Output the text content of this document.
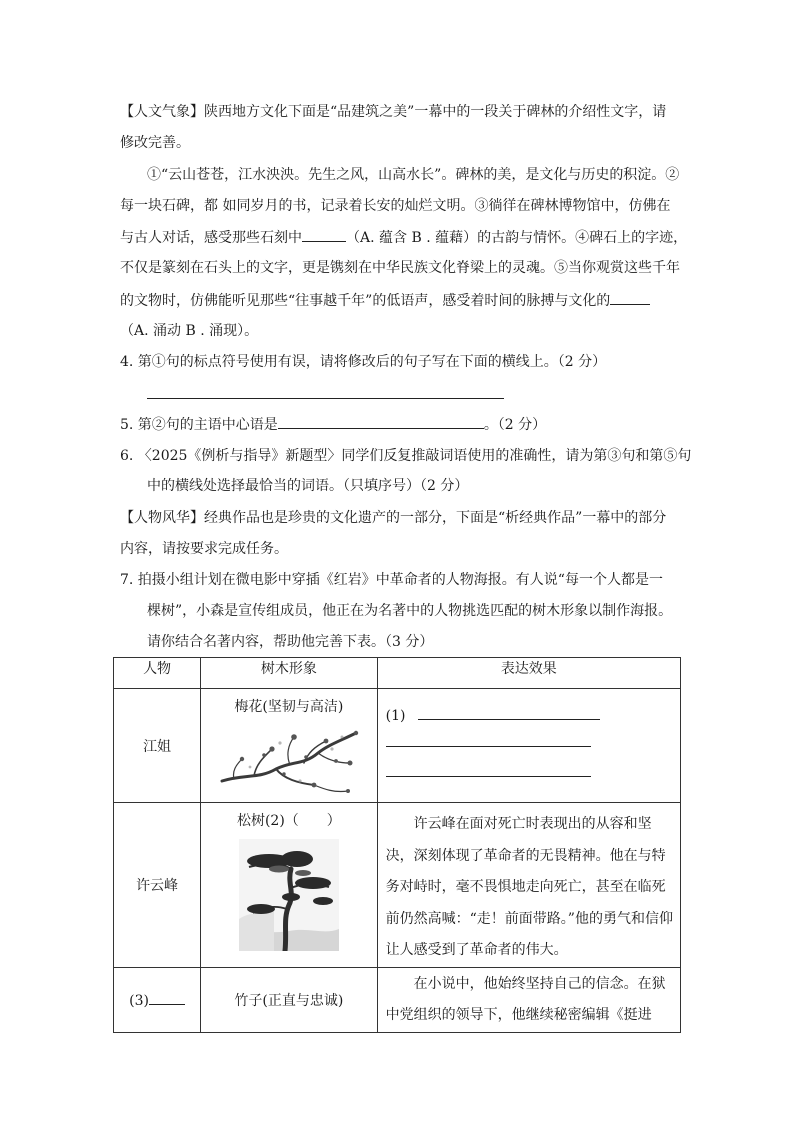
【人文气象】陕西地方文化下面是“品建筑之美”一幕中的一段关于碑林的介绍性文字，请
修改完善。
①“云山苍苍，江水泱泱。先生之风，山高水长”。碑林的美，是文化与历史的积淀。②
每一块石碑，都 如同岁月的书，记录着长安的灿烂文明。③徜徉在碑林博物馆中，仿佛在
与古人对话，感受那些石刻中	（A. 蕴含 B . 蕴藉）的古韵与情怀。④碑石上的字迹，
不仅是篆刻在石头上的文字，更是镌刻在中华民族文化脊梁上的灵魂。⑤当你观赏这些千年
的文物时，仿佛能听见那些“往事越千年”的低语声，感受着时间的脉搏与文化的
（A. 涌动 B . 涌现）。
4. 第①句的标点符号使用有误，请将修改后的句子写在下面的横线上。（2 分）
5. 第②句的主语中心语是	。（2 分）
6. 〈2025《例析与指导》新题型〉同学们反复推敲词语使用的准确性，请为第③句和第⑤句
中的横线处选择最恰当的词语。（只填序号）（2 分）
【人物风华】经典作品也是珍贵的文化遗产的一部分，下面是“析经典作品”一幕中的部分
内容，请按要求完成任务。
7. 拍摄小组计划在微电影中穿插《红岩》中革命者的人物海报。有人说“每一个人都是一
棵树”，小森是宣传组成员，他正在为名著中的人物挑选匹配的树木形象以制作海报。
请你结合名著内容，帮助他完善下表。（3 分）
人物	树木形象	表达效果
江姐	梅花(坚韧与高洁)	(1)

许云峰	松树(2)（　　）	许云峰在面对死亡时表现出的从容和坚决，深刻体现了革命者的无畏精神。他在与特务对峙时，毫不畏惧地走向死亡，甚至在临死前仍然高喊：“走！前面带路。”他的勇气和信仰让人感受到了革命者的伟大。

(3)	竹子(正直与忠诚)	在小说中，他始终坚持自己的信念。在狱中党组织的领导下，他继续秘密编辑《挺进
